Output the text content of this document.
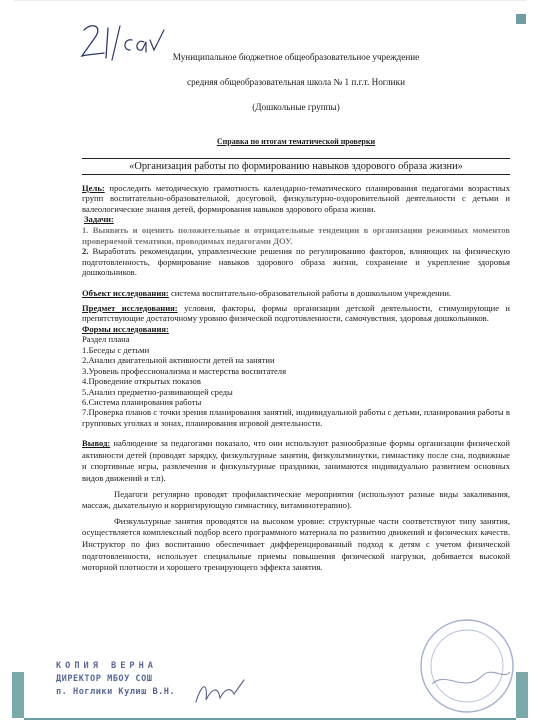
Муниципальное бюджетное общеобразовательное учреждение
средняя общеобразовательная школа № 1 п.г.т. Ноглики
(Дошкольные группы)
Справка по итогам тематической проверки
«Организация работы по формированию навыков здорового образа жизни»

Цель: проследить методическую грамотность календарно-тематического планирования педагогами возрастных групп воспитательно-образовательной, досуговой, физкультурно-оздоровительной деятельности с детьми и валеологические знания детей, формирования навыков здорового образа жизни.

Задачи:

1. Выявить и оценить положительные и отрицательные тенденции в организации режимных моментов проверяемой тематики, проводимых педагогами ДОУ.

2. Выработать рекомендации, управленческие решения по регулированию факторов, влияющих на физическую подготовленность, формирование навыков здорового образа жизни, сохранение и укрепление здоровья дошкольников.

Объект исследования: система воспитательно-образовательной работы в дошкольном учреждении.

Предмет исследования: условия, факторы, формы организации детской деятельности, стимулирующие и препятствующие достаточному уровню физической подготовленности, самочувствия, здоровья дошкольников.

Формы исследования:

Раздел плана
1.Беседы с детьми
2.Анализ двигательной активности детей на занятии
3.Уровень профессионализма и мастерства воспитателя
4.Проведение открытых показов
5.Анализ предметно-развивающей среды
6.Система планирования работы
7.Проверка планов с точки зрения планирования занятий, индивидуальной работы с детьми, планирования работы в групповых уголках и зонах, планирования игровой деятельности.

Вывод: наблюдение за педагогами показало, что они используют разнообразные формы организации физической активности детей (проводят зарядку, физкультурные занятия, физкультминутки, гимнастику после сна, подвижные и спортивные игры, развлечения и физкультурные праздники, занимаются индивидуально развитием основных видов движений и т.п).

Педагоги регулярно проводят профилактические мероприятия (используют разные виды закаливания, массаж, дыхательную и корригирующую гимнастику, витаминотерапию).

Физкультурные занятия проводятся на высоком уровне: структурные части соответствуют типу занятия, осуществляется комплексный подбор всего программного материала по развитию движений и физических качеств. Инструктор по физ воспитанию обеспечивает дифференцированный подход к детям с учетом физической подготовленности, использует специальные приемы повышения физической нагрузки, добивается высокой моторной плотности и хорошего тренирующего эффекта занятия.

КОПИЯ ВЕРНА
ДИРЕКТОР МБОУ СОШ
п. Ноглики Кулиш В.Н.
